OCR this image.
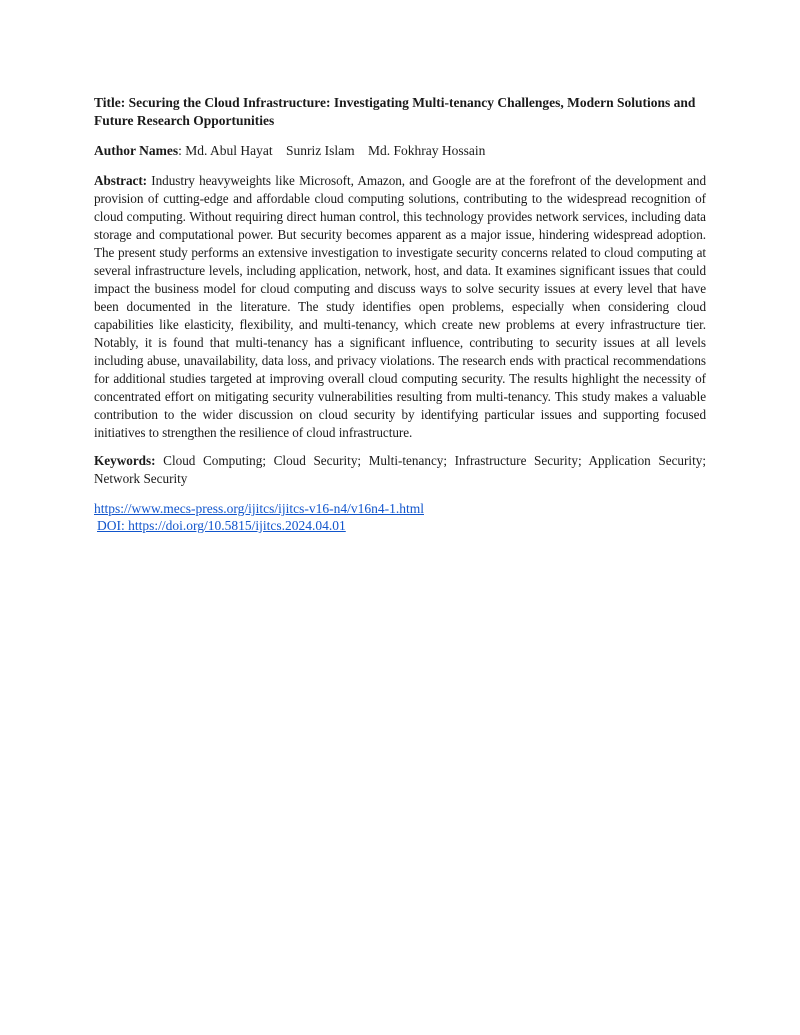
Title: Securing the Cloud Infrastructure: Investigating Multi-tenancy Challenges, Modern Solutions and Future Research Opportunities

Author Names: Md. Abul Hayat Sunriz Islam Md. Fokhray Hossain

Abstract: Industry heavyweights like Microsoft, Amazon, and Google are at the forefront of the development and provision of cutting-edge and affordable cloud computing solutions, contributing to the widespread recognition of cloud computing. Without requiring direct human control, this technology provides network services, including data storage and computational power. But security becomes apparent as a major issue, hindering widespread adoption. The present study performs an extensive investigation to investigate security concerns related to cloud computing at several infrastructure levels, including application, network, host, and data. It examines significant issues that could impact the business model for cloud computing and discuss ways to solve security issues at every level that have been documented in the literature. The study identifies open problems, especially when considering cloud capabilities like elasticity, flexibility, and multi-tenancy, which create new problems at every infrastructure tier. Notably, it is found that multi-tenancy has a significant influence, contributing to security issues at all levels including abuse, unavailability, data loss, and privacy violations. The research ends with practical recommendations for additional studies targeted at improving overall cloud computing security. The results highlight the necessity of concentrated effort on mitigating security vulnerabilities resulting from multi-tenancy. This study makes a valuable contribution to the wider discussion on cloud security by identifying particular issues and supporting focused initiatives to strengthen the resilience of cloud infrastructure.

Keywords: Cloud Computing; Cloud Security; Multi-tenancy; Infrastructure Security; Application Security; Network Security

https://www.mecs-press.org/ijitcs/ijitcs-v16-n4/v16n4-1.html
DOI: https://doi.org/10.5815/ijitcs.2024.04.01
